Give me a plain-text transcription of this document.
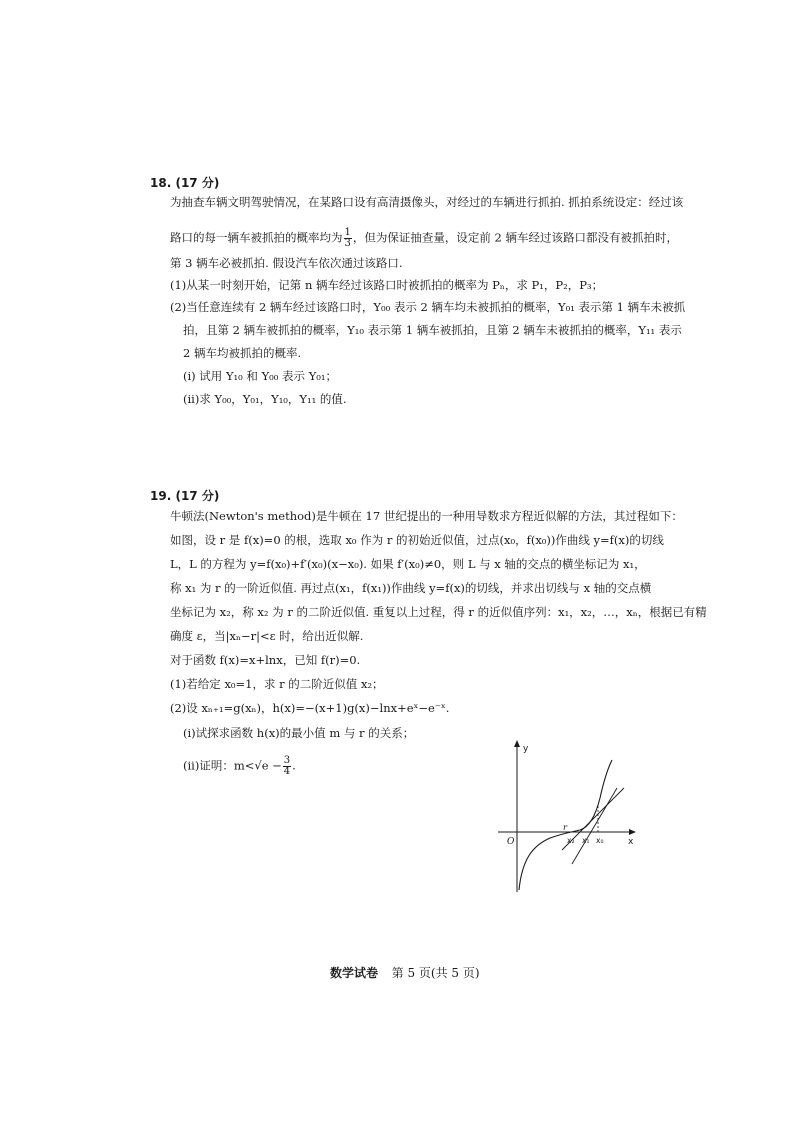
18. (17 分)
为抽查车辆文明驾驶情况，在某路口设有高清摄像头，对经过的车辆进行抓拍. 抓拍系统设定：经过该
路口的每一辆车被抓拍的概率均为 $\frac{1}{3}$ ，但为保证抽查量，设定前 2 辆车经过该路口都没有被抓拍时，
第 3 辆车必被抓拍. 假设汽车依次通过该路口.
(1)从某一时刻开始，记第 n 辆车经过该路口时被抓拍的概率为 Pₙ，求 P₁，P₂，P₃；
(2)当任意连续有 2 辆车经过该路口时，Y₀₀ 表示 2 辆车均未被抓拍的概率，Y₀₁ 表示第 1 辆车未被抓
拍，且第 2 辆车被抓拍的概率，Y₁₀ 表示第 1 辆车被抓拍，且第 2 辆车未被抓拍的概率，Y₁₁ 表示
2 辆车均被抓拍的概率.
(i) 试用 Y₁₀ 和 Y₀₀ 表示 Y₀₁；
(ii)求 Y₀₀，Y₀₁，Y₁₀，Y₁₁ 的值.
19. (17 分)
牛顿法(Newton's method)是牛顿在 17 世纪提出的一种用导数求方程近似解的方法，其过程如下：
如图，设 r 是 f(x)=0 的根，选取 x₀ 作为 r 的初始近似值，过点(x₀，f(x₀))作曲线 y=f(x)的切线
L，L 的方程为 y=f(x₀)+f′(x₀)(x−x₀). 如果 f′(x₀)≠0，则 L 与 x 轴的交点的横坐标记为 x₁，
称 x₁ 为 r 的一阶近似值. 再过点(x₁，f(x₁))作曲线 y=f(x)的切线，并求出切线与 x 轴的交点横
坐标记为 x₂，称 x₂ 为 r 的二阶近似值. 重复以上过程，得 r 的近似值序列：x₁，x₂，…，xₙ，根据已有精
确度 ε，当|xₙ−r|<ε 时，给出近似解.
对于函数 f(x)=x+lnx，已知 f(r)=0.
(1)若给定 x₀=1，求 r 的二阶近似值 x₂；
(2)设 xₙ₊₁=g(xₙ)，h(x)=−(x+1)g(x)−lnx+eˣ−e⁻ˣ.
(i)试探求函数 h(x)的最小值 m 与 r 的关系；
(ii)证明：$m<√e - \frac{3}{4}$ .
y
x
O
r
x₂ x₁ x₀
数学试卷 第 5 页(共 5 页)
